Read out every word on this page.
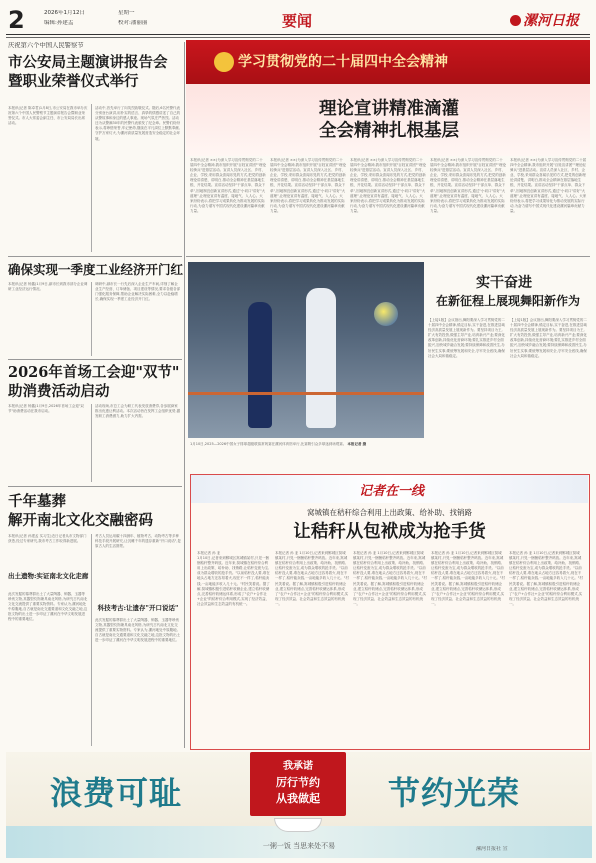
2	2026年1月12日	星期一
编辑:孙建孟	校对:潘丽丽	要闻	漯河日报
庆祝第六个中国人民警察节
市公安局主题演讲报告会
暨职业荣誉仪式举行
本报讯(记者 陈卓君)1月8日,市公安局在我市举办庆祝第六个中国人民警察节主题演讲报告会暨职业荣誉仪式。市人大常委会副主任、市公安局局长出席活动。
活动中,首先举行了向英烈致敬仪式。随后,6名民警代表分别登台演讲,用朴实的语言、真挚的情感讲述了自己的从警故事和身边的感人事迹。现场气氛庄严热烈。活动还为从警满30年的民警代表颁发了纪念章。民警们纷纷表示,将珍惜荣誉,牢记使命,继续在平凡岗位上默默奉献,守护万家灯火,为漯河高质量发展营造安全稳定的社会环境。
确保实现一季度工业经济开门红
本报讯(记者 杨鑫)1月9日,副市长到我市部分企业调研工业经济运行情况。
调研中,副市长一行先后深入企业生产车间,详细了解企业生产经营、订单储备、项目建设等情况,要求各级各部门强化服务保障,帮助企业解决实际困难,全力以赴稳增长,确保实现一季度工业经济开门红。
2026年首场工会迎"双节"
助消费活动启动
本报讯(记者 杨鑫)1月9日,2026年首场工会迎"双节"助消费活动在我市启动。
活动现场,市总工会为职工代表发放消费券,各参展商家推出优惠让利活动。本次活动旨在发挥工会组织优势,激发职工消费潜力,助力扩大内需。
千年墓葬
解开南北文化交融密码
本报讯(记者 孙建孟 实习生)近日记者从市文物部门获悉,经过专家研究,我市考古工作取得新进展。
出土遗物:实证南北文化走廊
此次发掘的墓葬群出土了大量陶器、铜器、玉器等珍贵文物,其器型纹饰兼具南北风格,为研究古代南北文化交流提供了重要实物资料。专家认为,漯河地处中原腹地,自古就是南北交通要道和文化交融之地,这批文物的出土进一步印证了漯河在中华文明发展进程中的重要地位。
科技考古:让遗存"开口说话"
考古人员运用碳十四测年、植物考古、动物考古等多种科技手段开展研究,让沉睡千年的遗存重新"开口说话",复原古人的生活图景。
此次发掘的墓葬群出土了大量陶器、铜器、玉器等珍贵文物,其器型纹饰兼具南北风格,为研究古代南北文化交流提供了重要实物资料。专家认为,漯河地处中原腹地,自古就是南北交通要道和文化交融之地,这批文物的出土进一步印证了漯河在中华文明发展进程中的重要地位。
学习贯彻党的二十届四中全会精神
理论宣讲精准滴灌
全会精神扎根基层
本报讯(记者 ××)为深入学习宣传贯彻党的二十届四中全会精神,我市组织开展"百姓宣讲团""理论轻骑兵"进基层活动。宣讲人员深入社区、乡村、企业、学校,采用群众喜闻乐见的方式,把党的创新理论讲清楚、讲明白,推动全会精神在基层落地生根、开花结果。宣讲活动坚持"干部点单、群众下单",因地制宜创新宣讲形式,通过"小切口"讲好"大道理",让理论宣讲有温度、接地气、入人心。大家纷纷表示,将把学习成果转化为推动发展的实际行动,为奋力谱写中国式现代化建设漯河篇章贡献力量。
本报讯(记者 ××)为深入学习宣传贯彻党的二十届四中全会精神,我市组织开展"百姓宣讲团""理论轻骑兵"进基层活动。宣讲人员深入社区、乡村、企业、学校,采用群众喜闻乐见的方式,把党的创新理论讲清楚、讲明白,推动全会精神在基层落地生根、开花结果。宣讲活动坚持"干部点单、群众下单",因地制宜创新宣讲形式,通过"小切口"讲好"大道理",让理论宣讲有温度、接地气、入人心。大家纷纷表示,将把学习成果转化为推动发展的实际行动,为奋力谱写中国式现代化建设漯河篇章贡献力量。
本报讯(记者 ××)为深入学习宣传贯彻党的二十届四中全会精神,我市组织开展"百姓宣讲团""理论轻骑兵"进基层活动。宣讲人员深入社区、乡村、企业、学校,采用群众喜闻乐见的方式,把党的创新理论讲清楚、讲明白,推动全会精神在基层落地生根、开花结果。宣讲活动坚持"干部点单、群众下单",因地制宜创新宣讲形式,通过"小切口"讲好"大道理",让理论宣讲有温度、接地气、入人心。大家纷纷表示,将把学习成果转化为推动发展的实际行动,为奋力谱写中国式现代化建设漯河篇章贡献力量。
本报讯(记者 ××)为深入学习宣传贯彻党的二十届四中全会精神,我市组织开展"百姓宣讲团""理论轻骑兵"进基层活动。宣讲人员深入社区、乡村、企业、学校,采用群众喜闻乐见的方式,把党的创新理论讲清楚、讲明白,推动全会精神在基层落地生根、开花结果。宣讲活动坚持"干部点单、群众下单",因地制宜创新宣讲形式,通过"小切口"讲好"大道理",让理论宣讲有温度、接地气、入人心。大家纷纷表示,将把学习成果转化为推动发展的实际行动,为奋力谱写中国式现代化建设漯河篇章贡献力量。
本报讯(记者 ××)为深入学习宣传贯彻党的二十届四中全会精神,我市组织开展"百姓宣讲团""理论轻骑兵"进基层活动。宣讲人员深入社区、乡村、企业、学校,采用群众喜闻乐见的方式,把党的创新理论讲清楚、讲明白,推动全会精神在基层落地生根、开花结果。宣讲活动坚持"干部点单、群众下单",因地制宜创新宣讲形式,通过"小切口"讲好"大道理",让理论宣讲有温度、接地气、入人心。大家纷纷表示,将把学习成果转化为推动发展的实际行动,为奋力谱写中国式现代化建设漯河篇章贡献力量。
实干奋进
在新征程上展现舞阳新作为
【上接1版】会议指出,舞阳要深入学习贯彻党的二十届四中全会精神,锚定目标,实干奋进,在推进县域经济高质量发展上展现新作为。要坚持项目为王,扩大有效投资,做强主导产业,培育新兴产业;要深化改革创新,持续优化营商环境;要扎实推进乡村全面振兴,加快城乡融合发展;要持续保障和改善民生,办好民生实事;要统筹发展和安全,守牢安全底线,确保社会大局和谐稳定。
【上接1版】会议指出,舞阳要深入学习贯彻党的二十届四中全会精神,锚定目标,实干奋进,在推进县域经济高质量发展上展现新作为。要坚持项目为王,扩大有效投资,做强主导产业,培育新兴产业;要深化改革创新,持续优化营商环境;要扎实推进乡村全面振兴,加快城乡融合发展;要持续保障和改善民生,办好民生实事;要统筹发展和安全,守牢安全底线,确保社会大局和谐稳定。
1月10日,2025—2026中国女子排球超级联赛常规赛在漯河体育馆举行,比赛吸引众多球迷到场观赛。 本报记者 摄
记者在一线
窝城镇在秸秆综合利用上出政策、给补助、找销路
让秸秆从包袱成为抢手货
本报记者 孙 亚
1月10日,记者来到郾城区窝城镇某村,只见一捆捆秸秆整齐码放。近年来,窝城镇在秸秆综合利用上出政策、给补助、找销路,让秸秆变废为宝,成为群众增收的抢手货。"以前秸秆没人要,堆在地头占地方还容易着火,现在不一样了,秸秆能卖钱,一亩地能多收入几十元。"村民笑着说。据了解,窝城镇积极引进秸秆收储企业,建立秸秆收储点,完善秸秆收储运体系,形成了"农户+合作社+企业"的秸秆综合利用模式,实现了经济效益、社会效益和生态效益的有机统一。
本报记者 孙 亚 1月10日,记者来到郾城区窝城镇某村,只见一捆捆秸秆整齐码放。近年来,窝城镇在秸秆综合利用上出政策、给补助、找销路,让秸秆变废为宝,成为群众增收的抢手货。"以前秸秆没人要,堆在地头占地方还容易着火,现在不一样了,秸秆能卖钱,一亩地能多收入几十元。"村民笑着说。据了解,窝城镇积极引进秸秆收储企业,建立秸秆收储点,完善秸秆收储运体系,形成了"农户+合作社+企业"的秸秆综合利用模式,实现了经济效益、社会效益和生态效益的有机统一。
本报记者 孙 亚 1月10日,记者来到郾城区窝城镇某村,只见一捆捆秸秆整齐码放。近年来,窝城镇在秸秆综合利用上出政策、给补助、找销路,让秸秆变废为宝,成为群众增收的抢手货。"以前秸秆没人要,堆在地头占地方还容易着火,现在不一样了,秸秆能卖钱,一亩地能多收入几十元。"村民笑着说。据了解,窝城镇积极引进秸秆收储企业,建立秸秆收储点,完善秸秆收储运体系,形成了"农户+合作社+企业"的秸秆综合利用模式,实现了经济效益、社会效益和生态效益的有机统一。
本报记者 孙 亚 1月10日,记者来到郾城区窝城镇某村,只见一捆捆秸秆整齐码放。近年来,窝城镇在秸秆综合利用上出政策、给补助、找销路,让秸秆变废为宝,成为群众增收的抢手货。"以前秸秆没人要,堆在地头占地方还容易着火,现在不一样了,秸秆能卖钱,一亩地能多收入几十元。"村民笑着说。据了解,窝城镇积极引进秸秆收储企业,建立秸秆收储点,完善秸秆收储运体系,形成了"农户+合作社+企业"的秸秆综合利用模式,实现了经济效益、社会效益和生态效益的有机统一。
本报记者 孙 亚 1月10日,记者来到郾城区窝城镇某村,只见一捆捆秸秆整齐码放。近年来,窝城镇在秸秆综合利用上出政策、给补助、找销路,让秸秆变废为宝,成为群众增收的抢手货。"以前秸秆没人要,堆在地头占地方还容易着火,现在不一样了,秸秆能卖钱,一亩地能多收入几十元。"村民笑着说。据了解,窝城镇积极引进秸秆收储企业,建立秸秆收储点,完善秸秆收储运体系,形成了"农户+合作社+企业"的秸秆综合利用模式,实现了经济效益、社会效益和生态效益的有机统一。
浪费可耻	节约光荣
我承诺
厉行节约
从我做起
一粥一饭 当思来处不易	漯河日报社 宣
